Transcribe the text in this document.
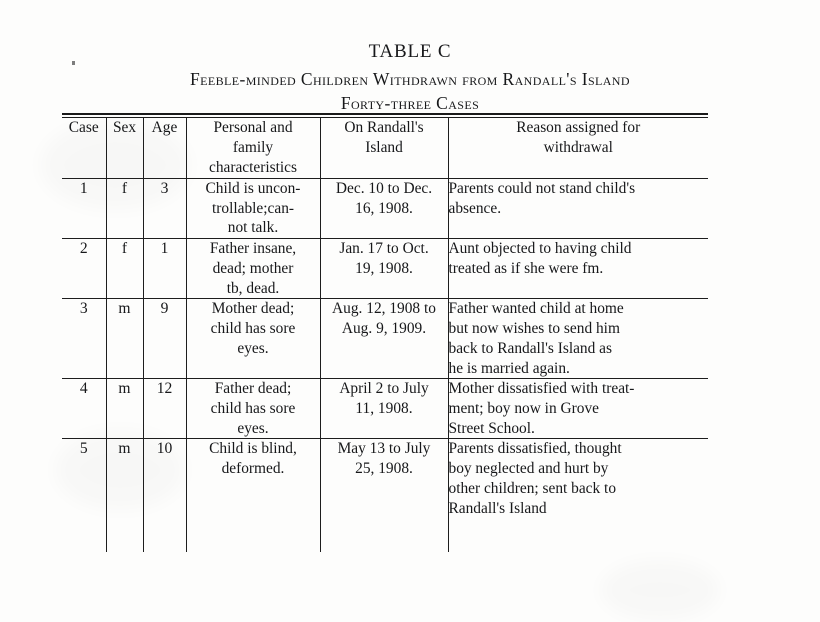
TABLE C
Feeble-minded Children Withdrawn from Randall's Island
Forty-three Cases
Case	Sex	Age	Personal and
family
characteristics	On Randall's
Island	Reason assigned for
withdrawal

1	f	3	Child is uncon-
trollable;can-
not talk.	Dec. 10 to Dec.
16, 1908.	Parents could not stand child's
absence.

2	f	1	Father insane,
dead; mother
tb, dead.	Jan. 17 to Oct.
19, 1908.	Aunt objected to having child
treated as if she were fm.

3	m	9	Mother dead;
child has sore
eyes.	Aug. 12, 1908 to
Aug. 9, 1909.	Father wanted child at home
but now wishes to send him
back to Randall's Island as
he is married again.

4	m	12	Father dead;
child has sore
eyes.	April 2 to July
11, 1908.	Mother dissatisfied with treat-
ment; boy now in Grove
Street School.

5	m	10	Child is blind,
deformed.	May 13 to July
25, 1908.	Parents dissatisfied, thought
boy neglected and hurt by
other children; sent back to
Randall's Island
